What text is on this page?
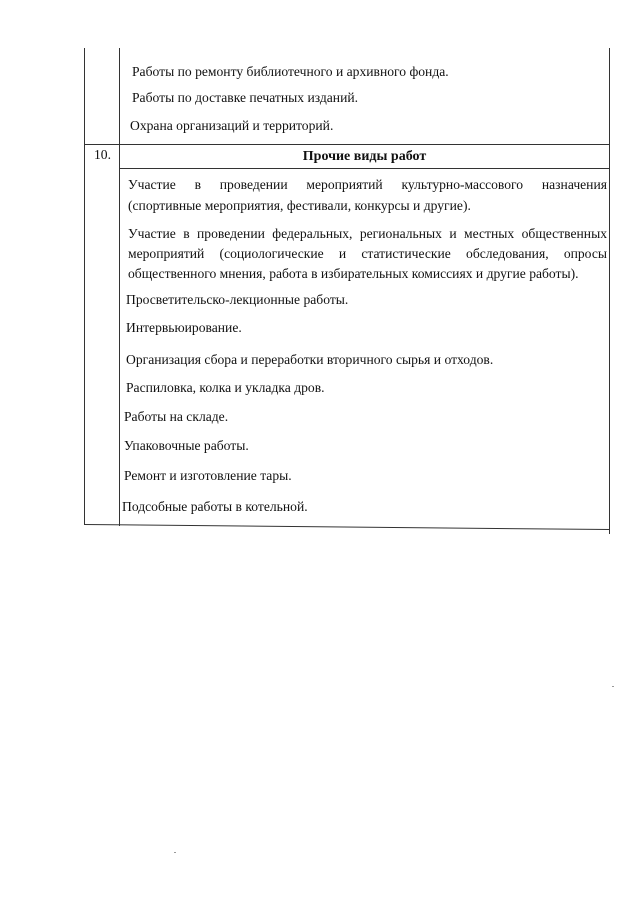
Работы по ремонту библиотечного и архивного фонда.
Работы по доставке печатных изданий.
Охрана организаций и территорий.
10.	Прочие виды работ
Участие в проведении мероприятий культурно-массового назначения
(спортивные мероприятия, фестивали, конкурсы и другие).
Участие в проведении федеральных, региональных и местных общественных
мероприятий (социологические и статистические обследования, опросы
общественного мнения, работа в избирательных комиссиях и другие работы).
Просветительско-лекционные работы.
Интервьюирование.
Организация сбора и переработки вторичного сырья и отходов.
Распиловка, колка и укладка дров.
Работы на складе.
Упаковочные работы.
Ремонт и изготовление тары.
Подсобные работы в котельной.
